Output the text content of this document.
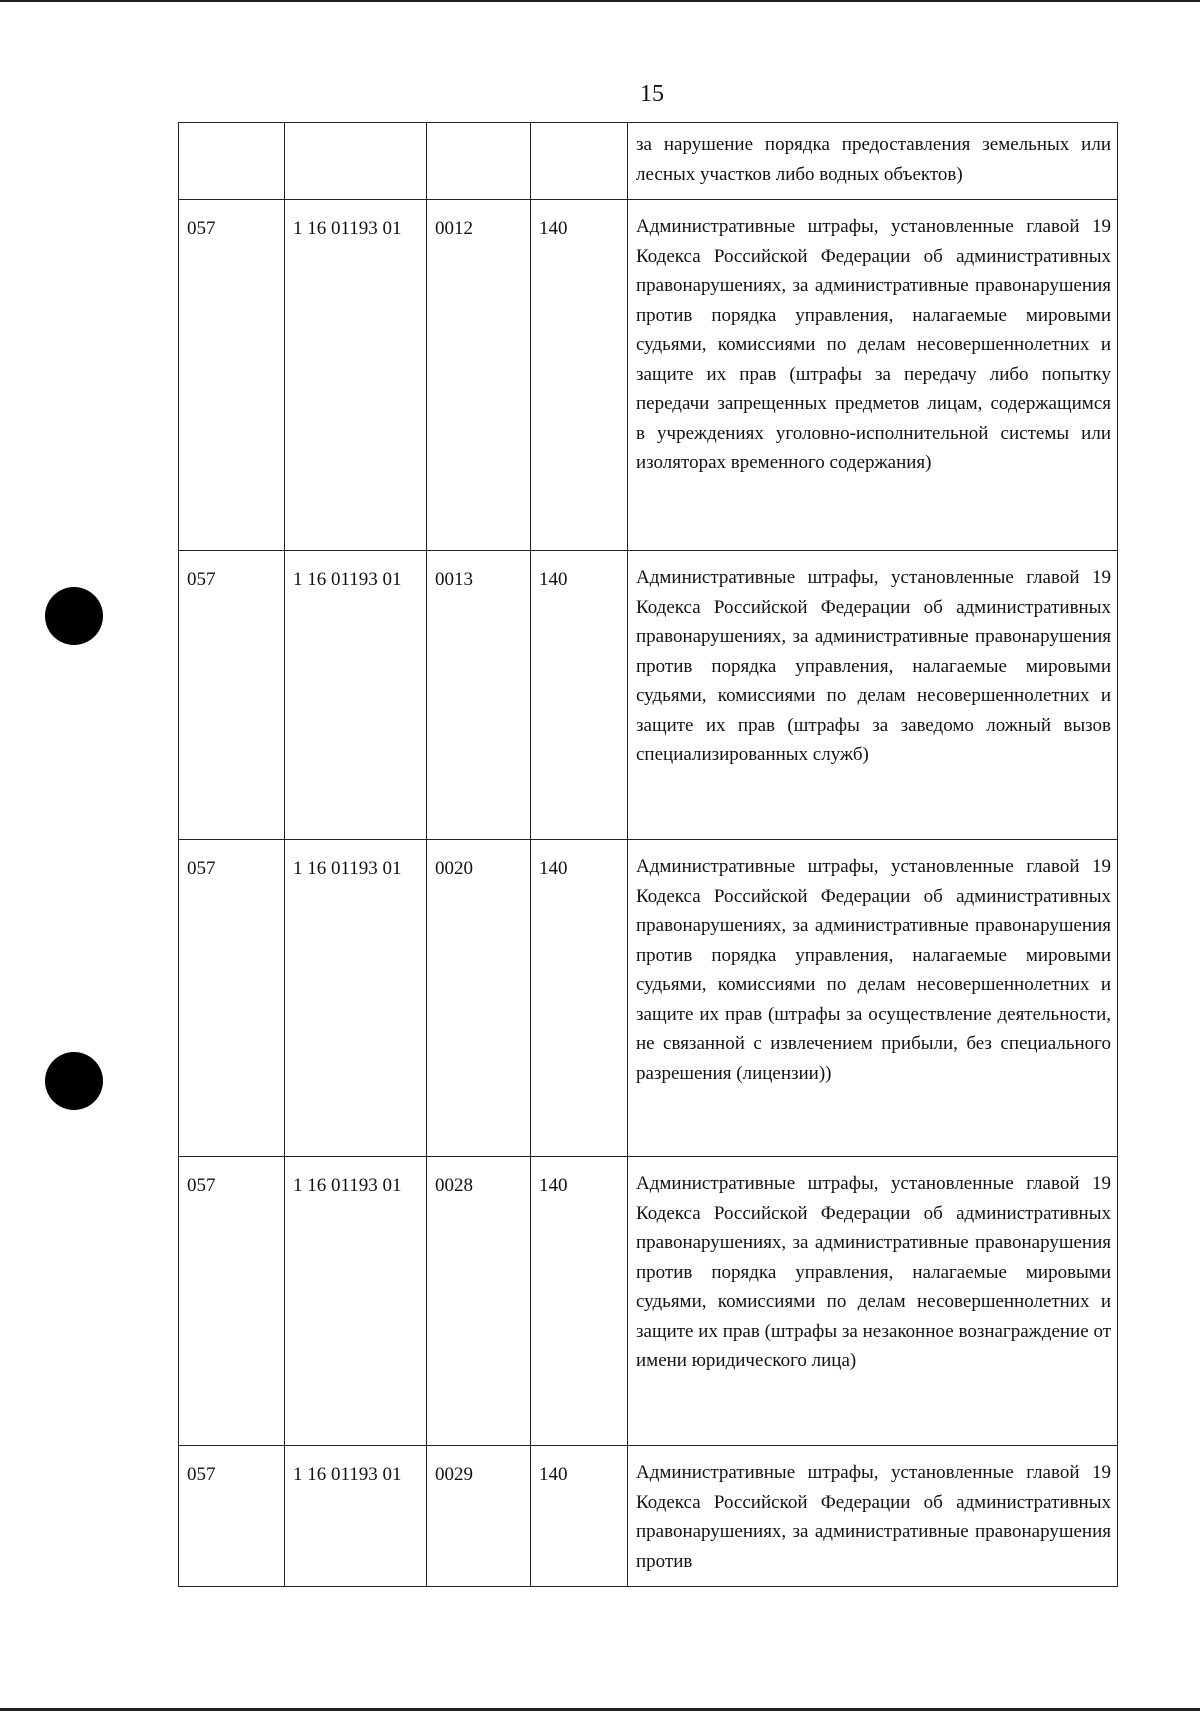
15

				за нарушение порядка предоставления земельных или лесных участков либо водных объектов)

057	1 16 01193 01	0012	140	Административные штрафы, установленные главой 19 Кодекса Российской Федерации об административных правонарушениях, за административные правонарушения против порядка управления, налагаемые мировыми судьями, комиссиями по делам несовершеннолетних и защите их прав (штрафы за передачу либо попытку передачи запрещенных предметов лицам, содержащимся в учреждениях уголовно-исполнительной системы или изоляторах временного содержания)

057	1 16 01193 01	0013	140	Административные штрафы, установленные главой 19 Кодекса Российской Федерации об административных правонарушениях, за административные правонарушения против порядка управления, налагаемые мировыми судьями, комиссиями по делам несовершеннолетних и защите их прав (штрафы за заведомо ложный вызов специализированных служб)

057	1 16 01193 01	0020	140	Административные штрафы, установленные главой 19 Кодекса Российской Федерации об административных правонарушениях, за административные правонарушения против порядка управления, налагаемые мировыми судьями, комиссиями по делам несовершеннолетних и защите их прав (штрафы за осуществление деятельности, не связанной с извлечением прибыли, без специального разрешения (лицензии))

057	1 16 01193 01	0028	140	Административные штрафы, установленные главой 19 Кодекса Российской Федерации об административных правонарушениях, за административные правонарушения против порядка управления, налагаемые мировыми судьями, комиссиями по делам несовершеннолетних и защите их прав (штрафы за незаконное вознаграждение от имени юридического лица)

057	1 16 01193 01	0029	140	Административные штрафы, установленные главой 19 Кодекса Российской Федерации об административных правонарушениях, за административные правонарушения против
